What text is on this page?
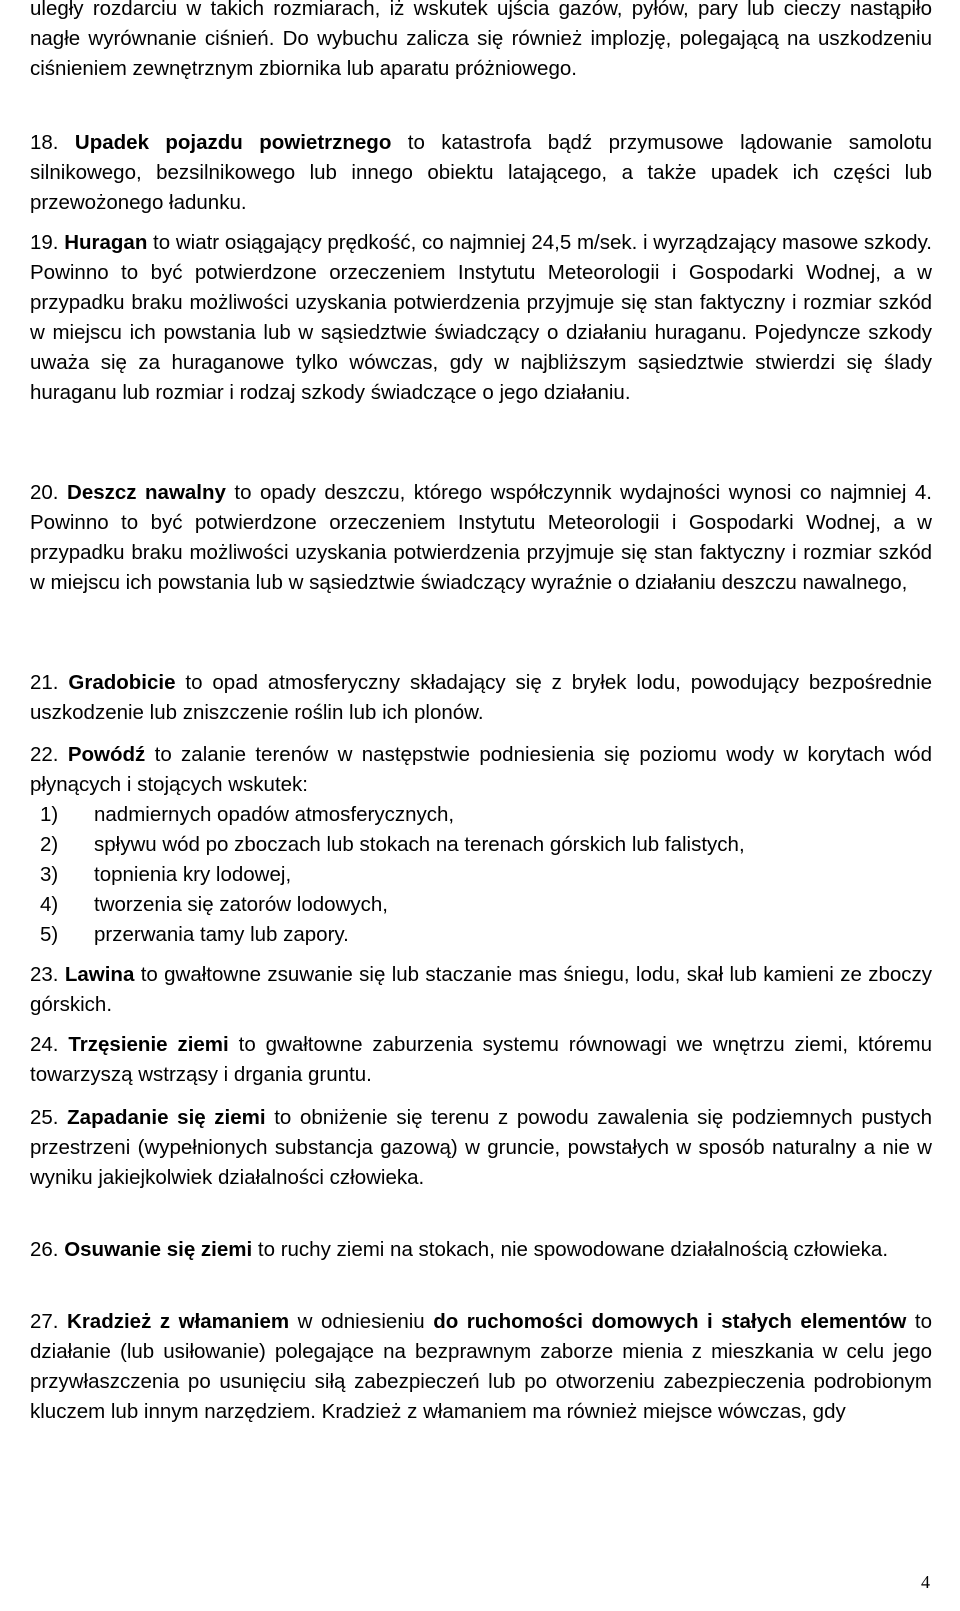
uległy rozdarciu w takich rozmiarach, iż wskutek ujścia gazów, pyłów, pary lub cieczy nastąpiło nagłe wyrównanie ciśnień. Do wybuchu zalicza się również implozję, polegającą na uszkodzeniu ciśnieniem zewnętrznym zbiornika lub aparatu próżniowego.

18. Upadek pojazdu powietrznego to katastrofa bądź przymusowe lądowanie samolotu silnikowego, bezsilnikowego lub innego obiektu latającego, a także upadek ich części lub przewożonego ładunku.

19. Huragan to wiatr osiągający prędkość, co najmniej 24,5 m/sek. i wyrządzający masowe szkody. Powinno to być potwierdzone orzeczeniem Instytutu Meteorologii i Gospodarki Wodnej, a w przypadku braku możliwości uzyskania potwierdzenia przyjmuje się stan faktyczny i rozmiar szkód w miejscu ich powstania lub w sąsiedztwie świadczący o działaniu huraganu. Pojedyncze szkody uważa się za huraganowe tylko wówczas, gdy w najbliższym sąsiedztwie stwierdzi się ślady huraganu lub rozmiar i rodzaj szkody świadczące o jego działaniu.

20. Deszcz nawalny to opady deszczu, którego współczynnik wydajności wynosi co najmniej 4. Powinno to być potwierdzone orzeczeniem Instytutu Meteorologii i Gospodarki Wodnej, a w przypadku braku możliwości uzyskania potwierdzenia przyjmuje się stan faktyczny i rozmiar szkód w miejscu ich powstania lub w sąsiedztwie świadczący wyraźnie o działaniu deszczu nawalnego,

21. Gradobicie to opad atmosferyczny składający się z bryłek lodu, powodujący bezpośrednie uszkodzenie lub zniszczenie roślin lub ich plonów.

22. Powódź to zalanie terenów w następstwie podniesienia się poziomu wody w korytach wód płynących i stojących wskutek:

1) nadmiernych opadów atmosferycznych,
2) spływu wód po zboczach lub stokach na terenach górskich lub falistych,
3) topnienia kry lodowej,
4) tworzenia się zatorów lodowych,
5) przerwania tamy lub zapory.

23. Lawina to gwałtowne zsuwanie się lub staczanie mas śniegu, lodu, skał lub kamieni ze zboczy górskich.

24. Trzęsienie ziemi to gwałtowne zaburzenia systemu równowagi we wnętrzu ziemi, któremu towarzyszą wstrząsy i drgania gruntu.

25. Zapadanie się ziemi to obniżenie się terenu z powodu zawalenia się podziemnych pustych przestrzeni (wypełnionych substancja gazową) w gruncie, powstałych w sposób naturalny a nie w wyniku jakiejkolwiek działalności człowieka.

26. Osuwanie się ziemi to ruchy ziemi na stokach, nie spowodowane działalnością człowieka.

27. Kradzież z włamaniem w odniesieniu do ruchomości domowych i stałych elementów to działanie (lub usiłowanie) polegające na bezprawnym zaborze mienia z mieszkania w celu jego przywłaszczenia po usunięciu siłą zabezpieczeń lub po otworzeniu zabezpieczenia podrobionym kluczem lub innym narzędziem. Kradzież z włamaniem ma również miejsce wówczas, gdy

4
